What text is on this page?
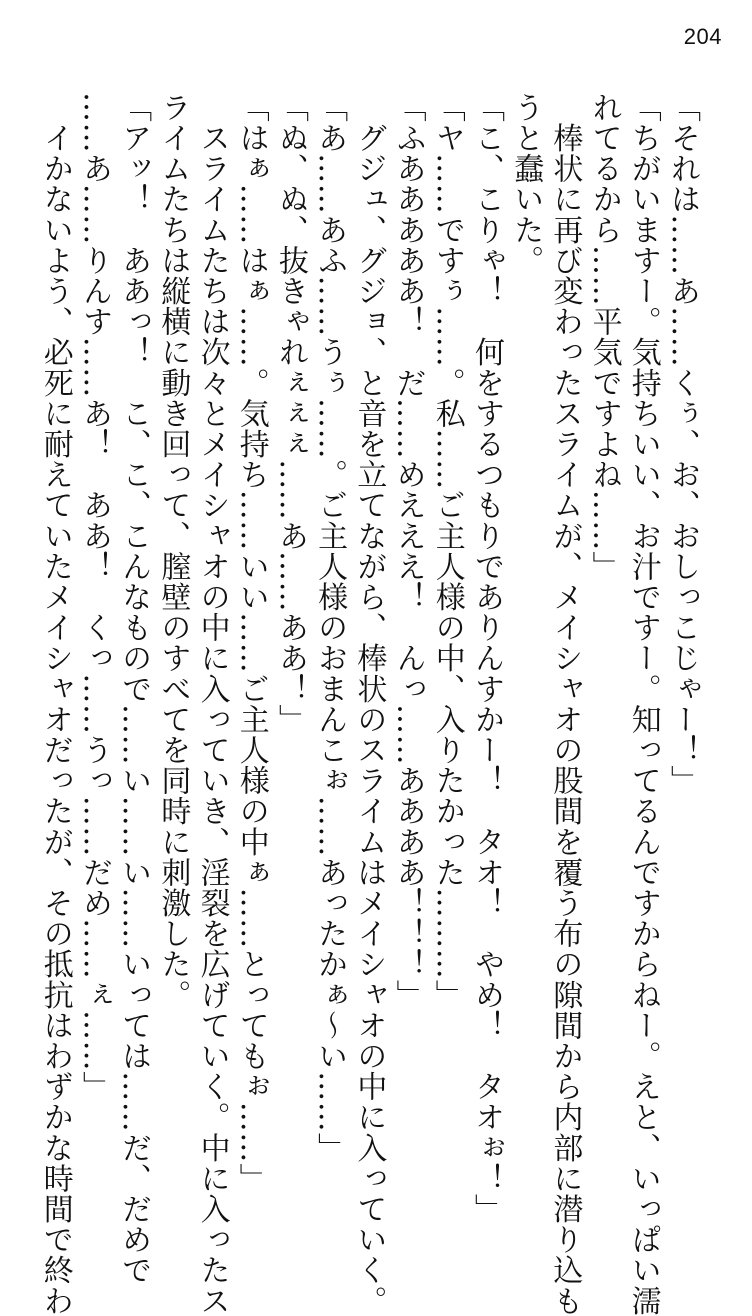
204

「それは……あ……くぅ、お、おしっこじゃー！」

「ちがいますー。気持ちいい、お汁ですー。知ってるんですからねー。えと、いっぱい濡

れてるから……平気ですよね……」

　棒状に再び変わったスライムが、メイシャオの股間を覆う布の隙間から内部に潜り込も

うと蠢いた。

「こ、こりゃ！　何をするつもりでありんすかー！　タオ！　やめ！　タオぉ！」

「ヤ……ですぅ……。私……ご主人様の中、入りたかった………」

「ふあああああ！　だ……めえええ！　んっ……ああああ！！！」

　グジュ、グジョ、と音を立てながら、棒状のスライムはメイシャオの中に入っていく。

「あ……あふ……うぅ……。ご主人様のおまんこぉ……あったかぁ〜い……」

「ぬ、ぬ、抜きゃれぇぇぇ……あ……ああ！」

「はぁ……はぁ……。気持ち……いい……ご主人様の中ぁ……とってもぉ……」

　スライムたちは次々とメイシャオの中に入っていき、淫裂を広げていく。中に入ったス

ライムたちは縦横に動き回って、膣壁のすべてを同時に刺激した。

「アッ！　ああっ！　こ、こ、こんなもので……い……い……いっては……だ、だめで

……あ……りんす……あ！　ああ！　くっ……うっ……だめ……ぇ……」

　イかないよう、必死に耐えていたメイシャオだったが、その抵抗はわずかな時間で終わ
